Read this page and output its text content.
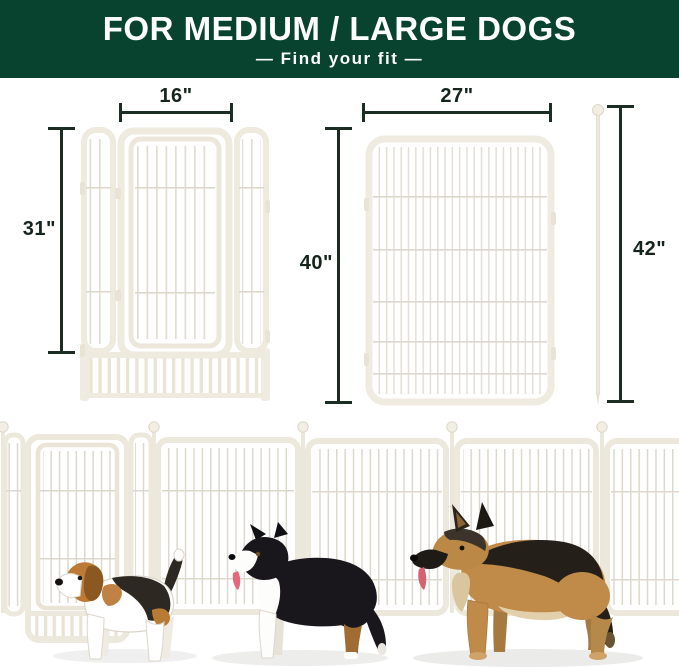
FOR MEDIUM / LARGE DOGS
— Find your fit —
16"
31"
27"
40"
42"
